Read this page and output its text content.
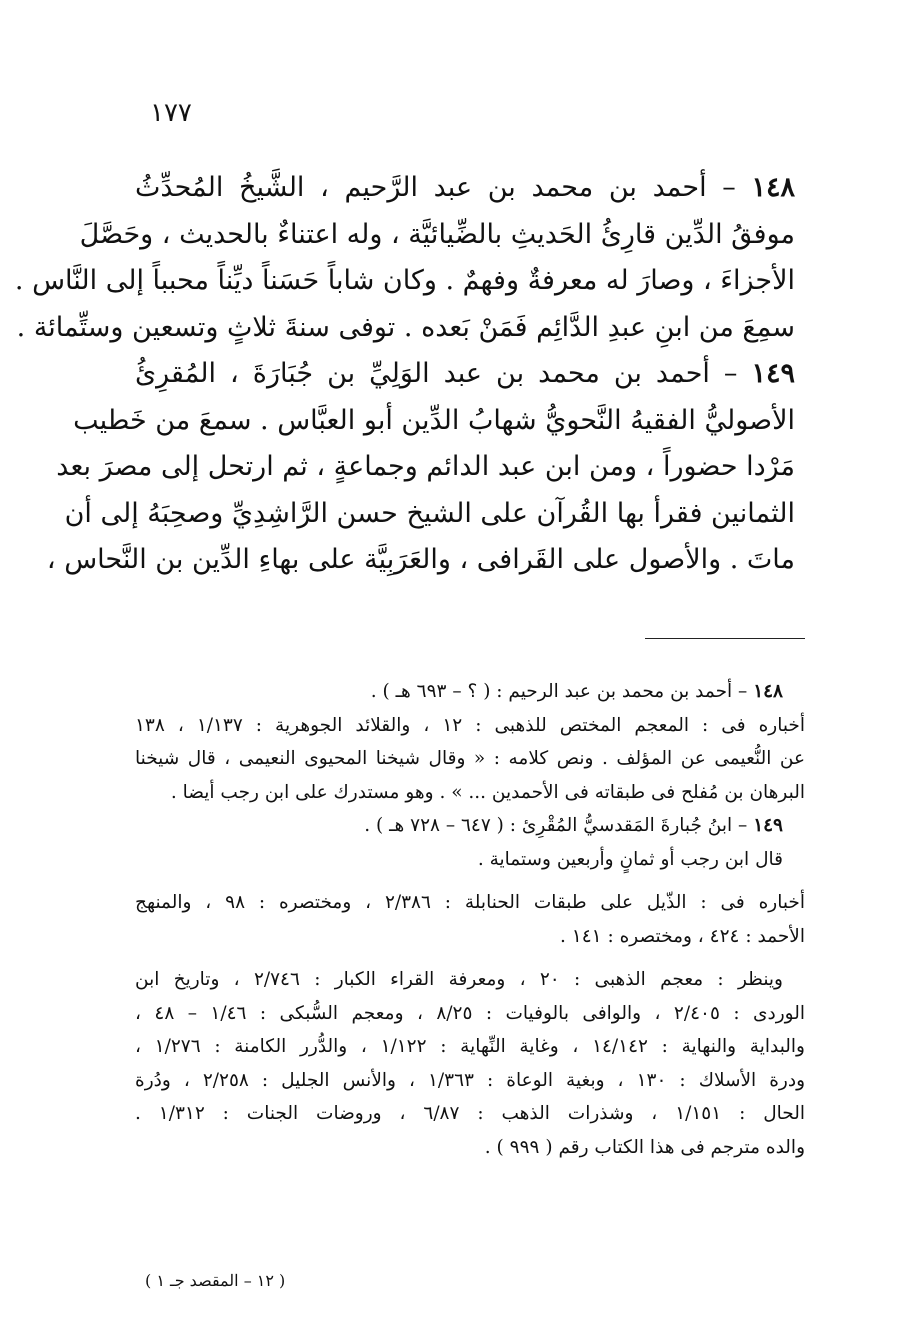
١٧٧
١٤٨ – أحمد بن محمد بن عبد الرَّحيم ، الشَّيخُ المُحدِّثُ
موفقُ الدِّين قارِئُ الحَديثِ بالضِّيائيَّة ، وله اعتناءٌ بالحديث ، وحَصَّلَ
الأجزاءَ ، وصارَ له معرفةٌ وفهمٌ . وكان شاباً حَسَناً ديِّناً محبباً إلى النَّاس .
سمِعَ من ابنِ عبدِ الدَّائِم فَمَنْ بَعده . توفى سنةَ ثلاثٍ وتسعين وستِّمائة .
١٤٩ – أحمد بن محمد بن عبد الوَلِيِّ بن جُبَارَةَ ، المُقرِئُ
الأصوليُّ الفقيهُ النَّحويُّ شهابُ الدِّين أبو العبَّاس . سمعَ من خَطيب
مَرْدا حضوراً ، ومن ابن عبد الدائم وجماعةٍ ، ثم ارتحل إلى مصرَ بعد
الثمانين فقرأ بها القُرآن على الشيخ حسن الرَّاشِدِيِّ وصحِبَهُ إلى أن
ماتَ . والأصول على القَرافى ، والعَرَبِيَّة على بهاءِ الدِّين بن النَّحاس ،
١٤٨ – أحمد بن محمد بن عبد الرحيم : ( ؟ – ٦٩٣ هـ ) .
أخباره فى : المعجم المختص للذهبى : ١٢ ، والقلائد الجوهرية : ١/١٣٧ ، ١٣٨
عن النُّعيمى عن المؤلف . ونص كلامه : « وقال شيخنا المحيوى النعيمى ، قال شيخنا
البرهان بن مُفلح فى طبقاته فى الأحمدين ... » . وهو مستدرك على ابن رجب أيضا .
١٤٩ – ابنُ جُبارةَ المَقدسيُّ المُقْرِئ : ( ٦٤٧ – ٧٢٨ هـ ) .
قال ابن رجب أو ثمانٍ وأربعين وستماية .
أخباره فى : الذّيل على طبقات الحنابلة : ٢/٣٨٦ ، ومختصره : ٩٨ ، والمنهج
الأحمد : ٤٢٤ ، ومختصره : ١٤١ .
وينظر : معجم الذهبى : ٢٠ ، ومعرفة القراء الكبار : ٢/٧٤٦ ، وتاريخ ابن
الوردى : ٢/٤٠٥ ، والوافى بالوفيات : ٨/٢٥ ، ومعجم السُّبكى : ١/٤٦ – ٤٨ ،
والبداية والنهاية : ١٤/١٤٢ ، وغاية النِّهاية : ١/١٢٢ ، والدُّرر الكامنة : ١/٢٧٦ ،
ودرة الأسلاك : ١٣٠ ، وبغية الوعاة : ١/٣٦٣ ، والأنس الجليل : ٢/٢٥٨ ، ودُرة
الحال : ١/١٥١ ، وشذرات الذهب : ٦/٨٧ ، وروضات الجنات : ١/٣١٢ .
والده مترجم فى هذا الكتاب رقم ( ٩٩٩ ) .
( ١٢ – المقصد جـ ١ )
